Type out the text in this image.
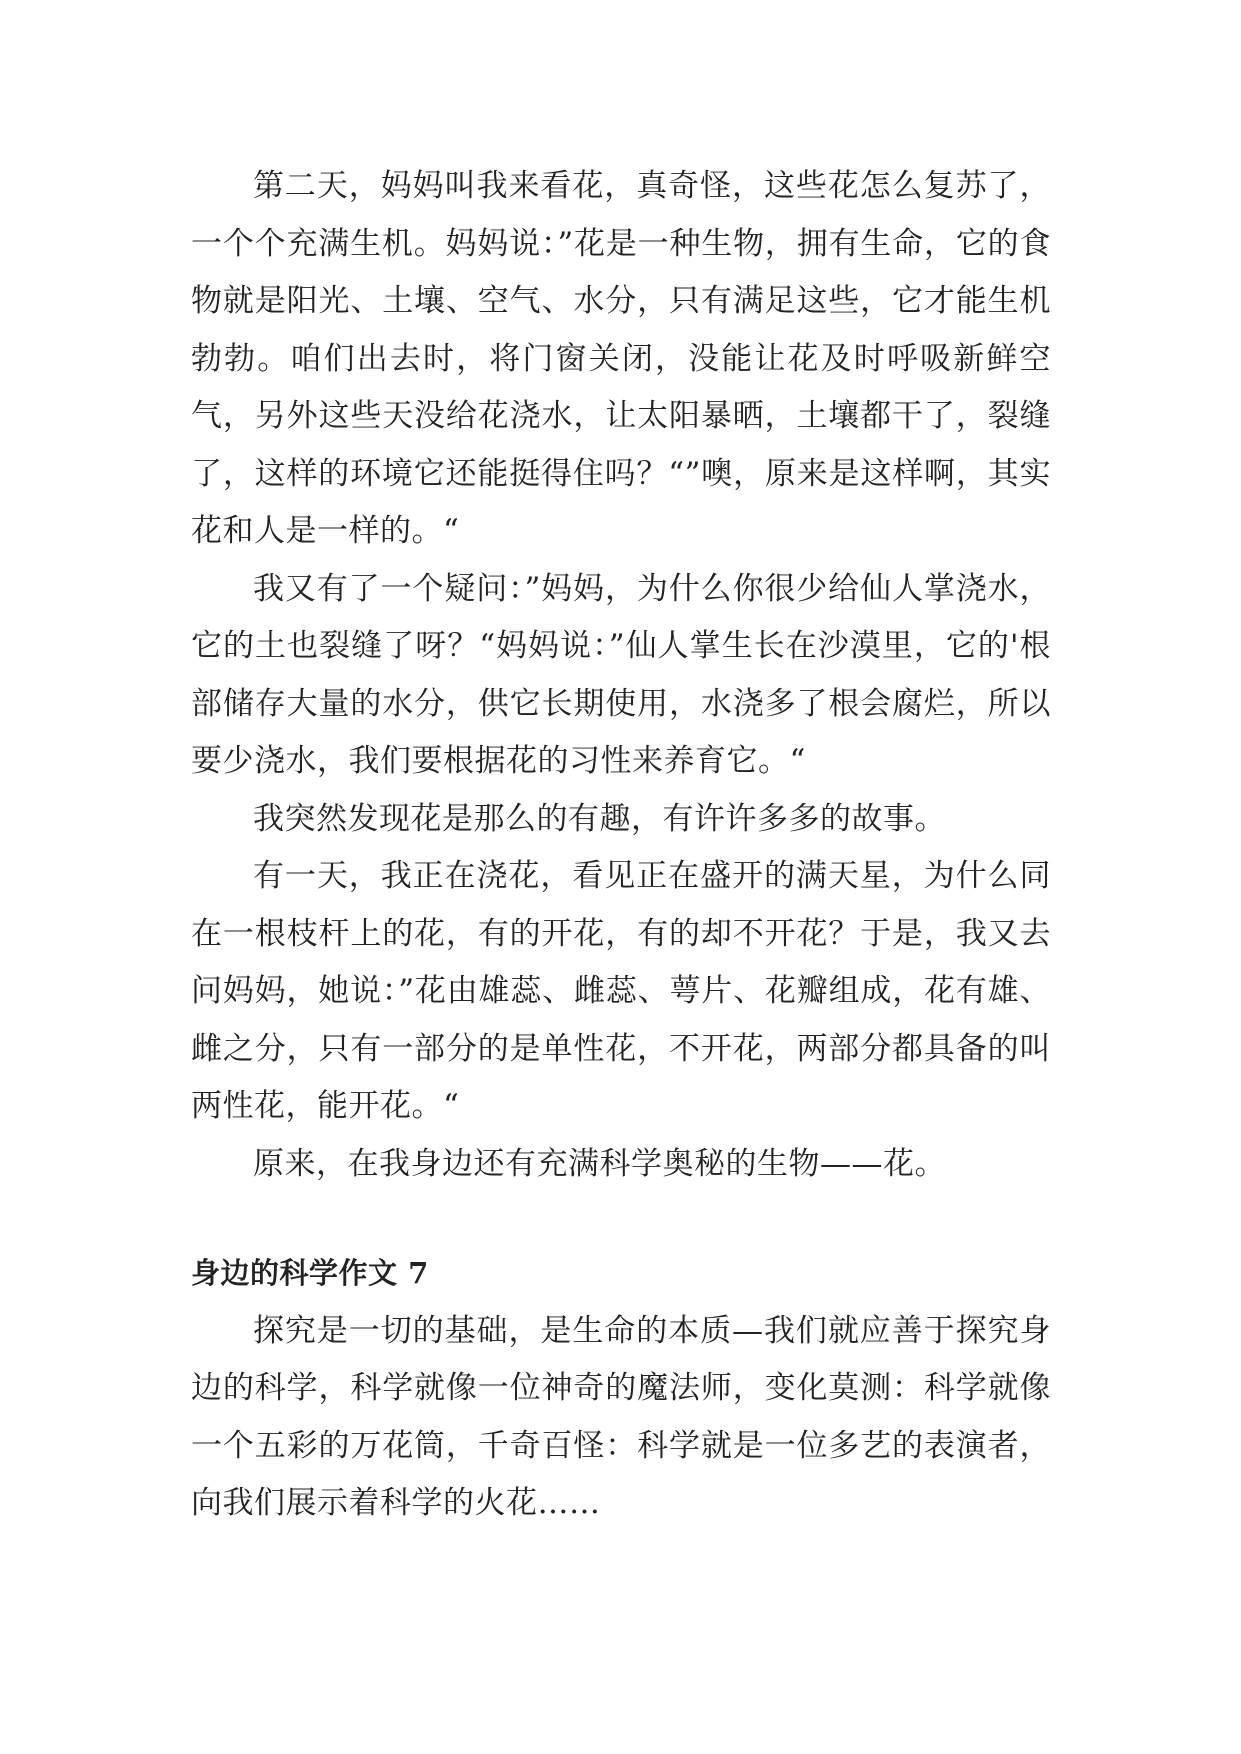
第二天，妈妈叫我来看花，真奇怪，这些花怎么复苏了，一个个充满生机。妈妈说：”花是一种生物，拥有生命，它的食物就是阳光、土壤、空气、水分，只有满足这些，它才能生机勃勃。咱们出去时，将门窗关闭，没能让花及时呼吸新鲜空气，另外这些天没给花浇水，让太阳暴晒，土壤都干了，裂缝了，这样的环境它还能挺得住吗？“”噢，原来是这样啊，其实花和人是一样的。“

我又有了一个疑问：”妈妈，为什么你很少给仙人掌浇水，它的土也裂缝了呀？“妈妈说：”仙人掌生长在沙漠里，它的'根部储存大量的水分，供它长期使用，水浇多了根会腐烂，所以要少浇水，我们要根据花的习性来养育它。“

我突然发现花是那么的有趣，有许许多多的故事。

有一天，我正在浇花，看见正在盛开的满天星，为什么同在一根枝杆上的花，有的开花，有的却不开花？于是，我又去问妈妈，她说：”花由雄蕊、雌蕊、萼片、花瓣组成，花有雄、雌之分，只有一部分的是单性花，不开花，两部分都具备的叫两性花，能开花。“

原来，在我身边还有充满科学奥秘的生物——花。

身边的科学作文 7

探究是一切的基础，是生命的本质—我们就应善于探究身边的科学，科学就像一位神奇的魔法师，变化莫测：科学就像一个五彩的万花筒，千奇百怪：科学就是一位多艺的表演者，向我们展示着科学的火花……
